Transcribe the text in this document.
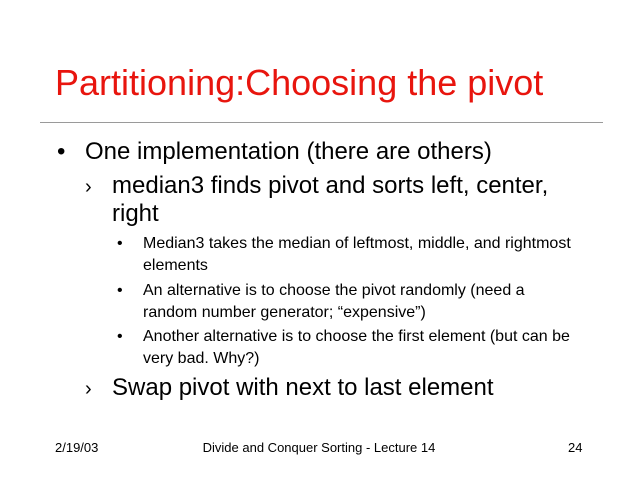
Partitioning:Choosing the pivot
• One implementation (there are others)
› median3 finds pivot and sorts left, center, right
• Median3 takes the median of leftmost, middle, and rightmost elements
• An alternative is to choose the pivot randomly (need a random number generator; “expensive”)
• Another alternative is to choose the first element (but can be very bad. Why?)
› Swap pivot with next to last element
2/19/03	Divide and Conquer Sorting - Lecture 14	24
